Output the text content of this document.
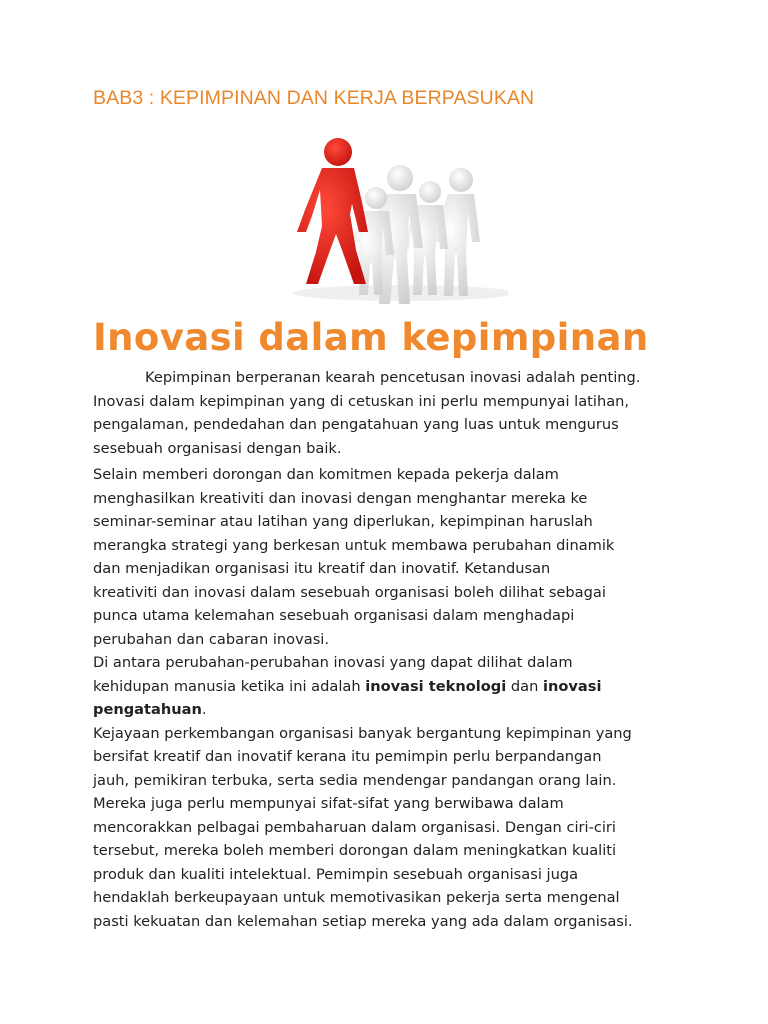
BAB3 : KEPIMPINAN DAN KERJA BERPASUKAN
Inovasi dalam kepimpinan
Kepimpinan berperanan kearah pencetusan inovasi adalah penting.
Inovasi dalam kepimpinan yang di cetuskan ini perlu mempunyai latihan,
pengalaman, pendedahan dan pengatahuan yang luas untuk mengurus
sesebuah organisasi dengan baik.
Selain memberi dorongan dan komitmen kepada pekerja dalam
menghasilkan kreativiti dan inovasi dengan menghantar mereka ke
seminar-seminar atau latihan yang diperlukan, kepimpinan haruslah
merangka strategi yang berkesan untuk membawa perubahan dinamik
dan menjadikan organisasi itu kreatif dan inovatif. Ketandusan
kreativiti dan inovasi dalam sesebuah organisasi boleh dilihat sebagai
punca utama kelemahan sesebuah organisasi dalam menghadapi
perubahan dan cabaran inovasi.
Di antara perubahan-perubahan inovasi yang dapat dilihat dalam
kehidupan manusia ketika ini adalah inovasi teknologi dan inovasi
pengatahuan.
Kejayaan perkembangan organisasi banyak bergantung kepimpinan yang
bersifat kreatif dan inovatif kerana itu pemimpin perlu berpandangan
jauh, pemikiran terbuka, serta sedia mendengar pandangan orang lain.
Mereka juga perlu mempunyai sifat-sifat yang berwibawa dalam
mencorakkan pelbagai pembaharuan dalam organisasi. Dengan ciri-ciri
tersebut, mereka boleh memberi dorongan dalam meningkatkan kualiti
produk dan kualiti intelektual. Pemimpin sesebuah organisasi juga
hendaklah berkeupayaan untuk memotivasikan pekerja serta mengenal
pasti kekuatan dan kelemahan setiap mereka yang ada dalam organisasi.
